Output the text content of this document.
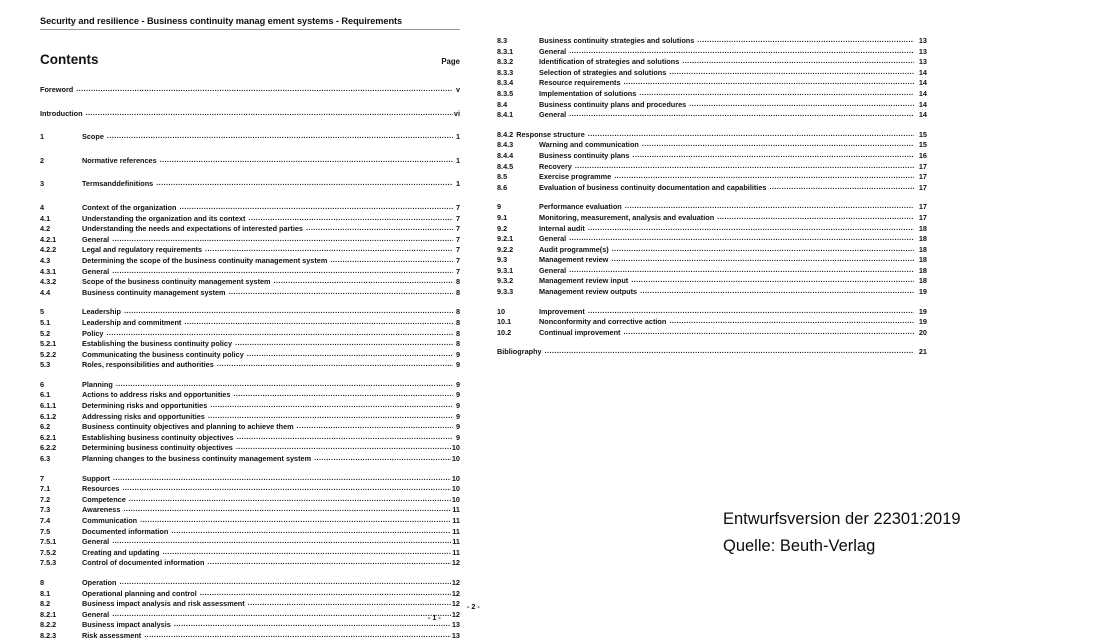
Security and resilience - Business continuity manag ement systems - Requirements
Contents	Page
Foreword .....	v
Introduction .....	vi
1	Scope .....	1
2	Normative references .....	1
3	Termsanddefinitions .....	1
4	Context of the organization .....	7
4.1	Understanding the organization and its context .....	7
4.2	Understanding the needs and expectations of interested parties .....	7
4.2.1	General .....	7
4.2.2	Legal and regulatory requirements .....	7
4.3	Determining the scope of the business continuity management system .....	7
4.3.1	General .....	7
4.3.2	Scope of the business continuity management system .....	8
4.4	Business continuity management system .....	8
5	Leadership .....	8
5.1	Leadership and commitment .....	8
5.2	Policy .....	8
5.2.1	Establishing the business continuity policy .....	8
5.2.2	Communicating the business continuity policy .....	9
5.3	Roles, responsibilities and authorities .....	9
6	Planning .....	9
6.1	Actions to address risks and opportunities .....	9
6.1.1	Determining risks and opportunities .....	9
6.1.2	Addressing risks and opportunities .....	9
6.2	Business continuity objectives and planning to achieve them .....	9
6.2.1	Establishing business continuity objectives .....	9
6.2.2	Determining business continuity objectives .....	10
6.3	Planning changes to the business continuity management system .....	10
7	Support .....	10
7.1	Resources .....	10
7.2	Competence .....	10
7.3	Awareness .....	11
7.4	Communication .....	11
7.5	Documented information .....	11
7.5.1	General .....	11
7.5.2	Creating and updating .....	11
7.5.3	Control of documented information .....	12
8	Operation .....	12
8.1	Operational planning and control .....	12
8.2	Business impact analysis and risk assessment .....	12
8.2.1	General .....	12
8.2.2	Business impact analysis .....	13
8.2.3	Risk assessment .....	13
8.3	Business continuity strategies and solutions .....	13
8.3.1	General .....	13
8.3.2	Identification of strategies and solutions .....	13
8.3.3	Selection of strategies and solutions .....	14
8.3.4	Resource requirements .....	14
8.3.5	Implementation of solutions .....	14
8.4	Business continuity plans and procedures .....	14
8.4.1	General .....	14
8.4.2 Response structure .....	15
8.4.3	Warning and communication .....	15
8.4.4	Business continuity plans .....	16
8.4.5	Recovery .....	17
8.5	Exercise programme .....	17
8.6	Evaluation of business continuity documentation and capabilities .....	17
9	Performance evaluation .....	17
9.1	Monitoring, measurement, analysis and evaluation .....	17
9.2	Internal audit .....	18
9.2.1	General .....	18
9.2.2	Audit programme(s) .....	18
9.3	Management review .....	18
9.3.1	General .....	18
9.3.2	Management review input .....	18
9.3.3	Management review outputs .....	19
10	Improvement .....	19
10.1	Nonconformity and corrective action .....	19
10.2	Continual improvement .....	20
Bibliography .....	21
- 1 -
- 2 -
Entwurfsversion der 22301:2019
Quelle: Beuth-Verlag
